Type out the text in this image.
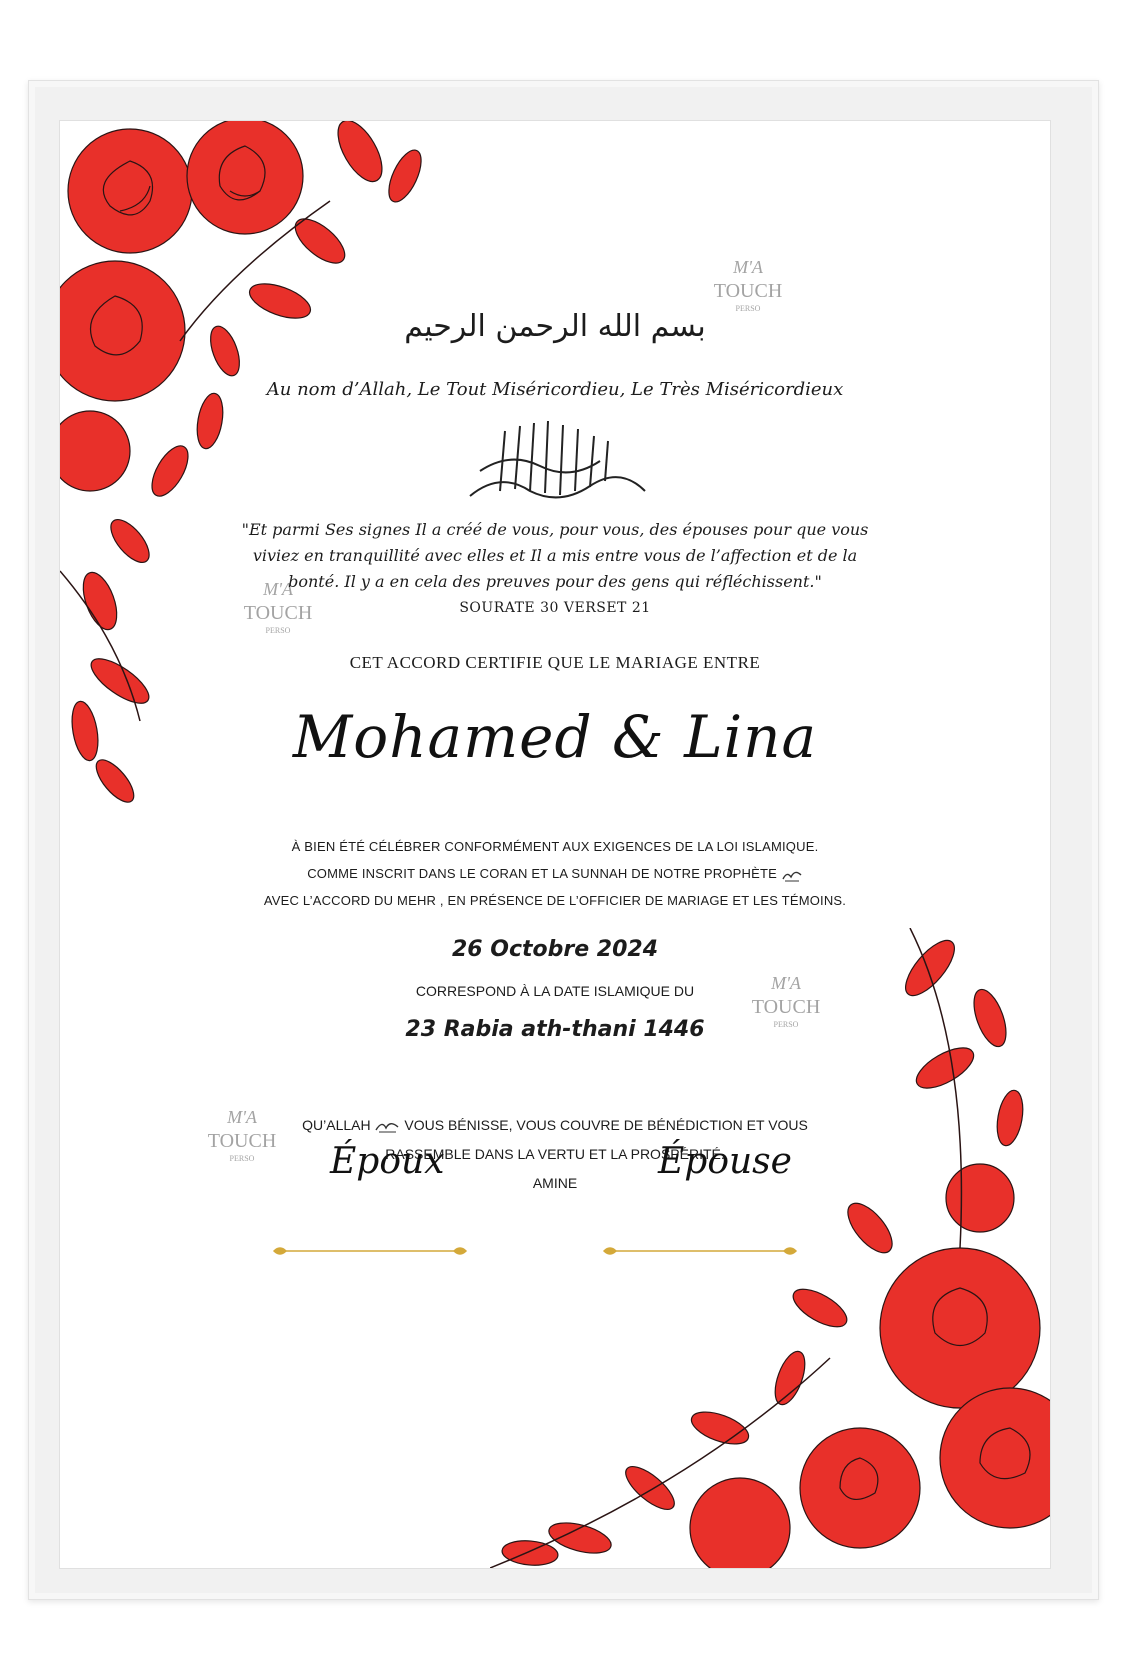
M'A
TOUCH
PERSO
M'A
TOUCH
PERSO
M'A
TOUCH
PERSO
M'A
TOUCH
PERSO
بسم الله الرحمن الرحيم
Au nom d’Allah, Le Tout Miséricordieu, Le Très Miséricordieux
"Et parmi Ses signes Il a créé de vous, pour vous, des épouses pour que vous
viviez en tranquillité avec elles et Il a mis entre vous de l’affection et de la
bonté. Il y a en cela des preuves pour des gens qui réfléchissent."
SOURATE 30 VERSET 21
CET ACCORD CERTIFIE QUE LE MARIAGE ENTRE
Mohamed & Lina
À BIEN ÉTÉ CÉLÉBRER CONFORMÉMENT AUX EXIGENCES DE LA LOI ISLAMIQUE.
COMME INSCRIT DANS LE CORAN ET LA SUNNAH DE NOTRE PROPHÈTE
AVEC L’ACCORD DU MEHR , EN PRÉSENCE DE L’OFFICIER DE MARIAGE ET LES TÉMOINS.
26 Octobre 2024
CORRESPOND À LA DATE ISLAMIQUE DU
23 Rabia ath-thani 1446
QU’ALLAH VOUS BÉNISSE, VOUS COUVRE DE BÉNÉDICTION ET VOUS
RASSEMBLE DANS LA VERTU ET LA PROSPÉRITÉ.
AMINE
Époux	Épouse
